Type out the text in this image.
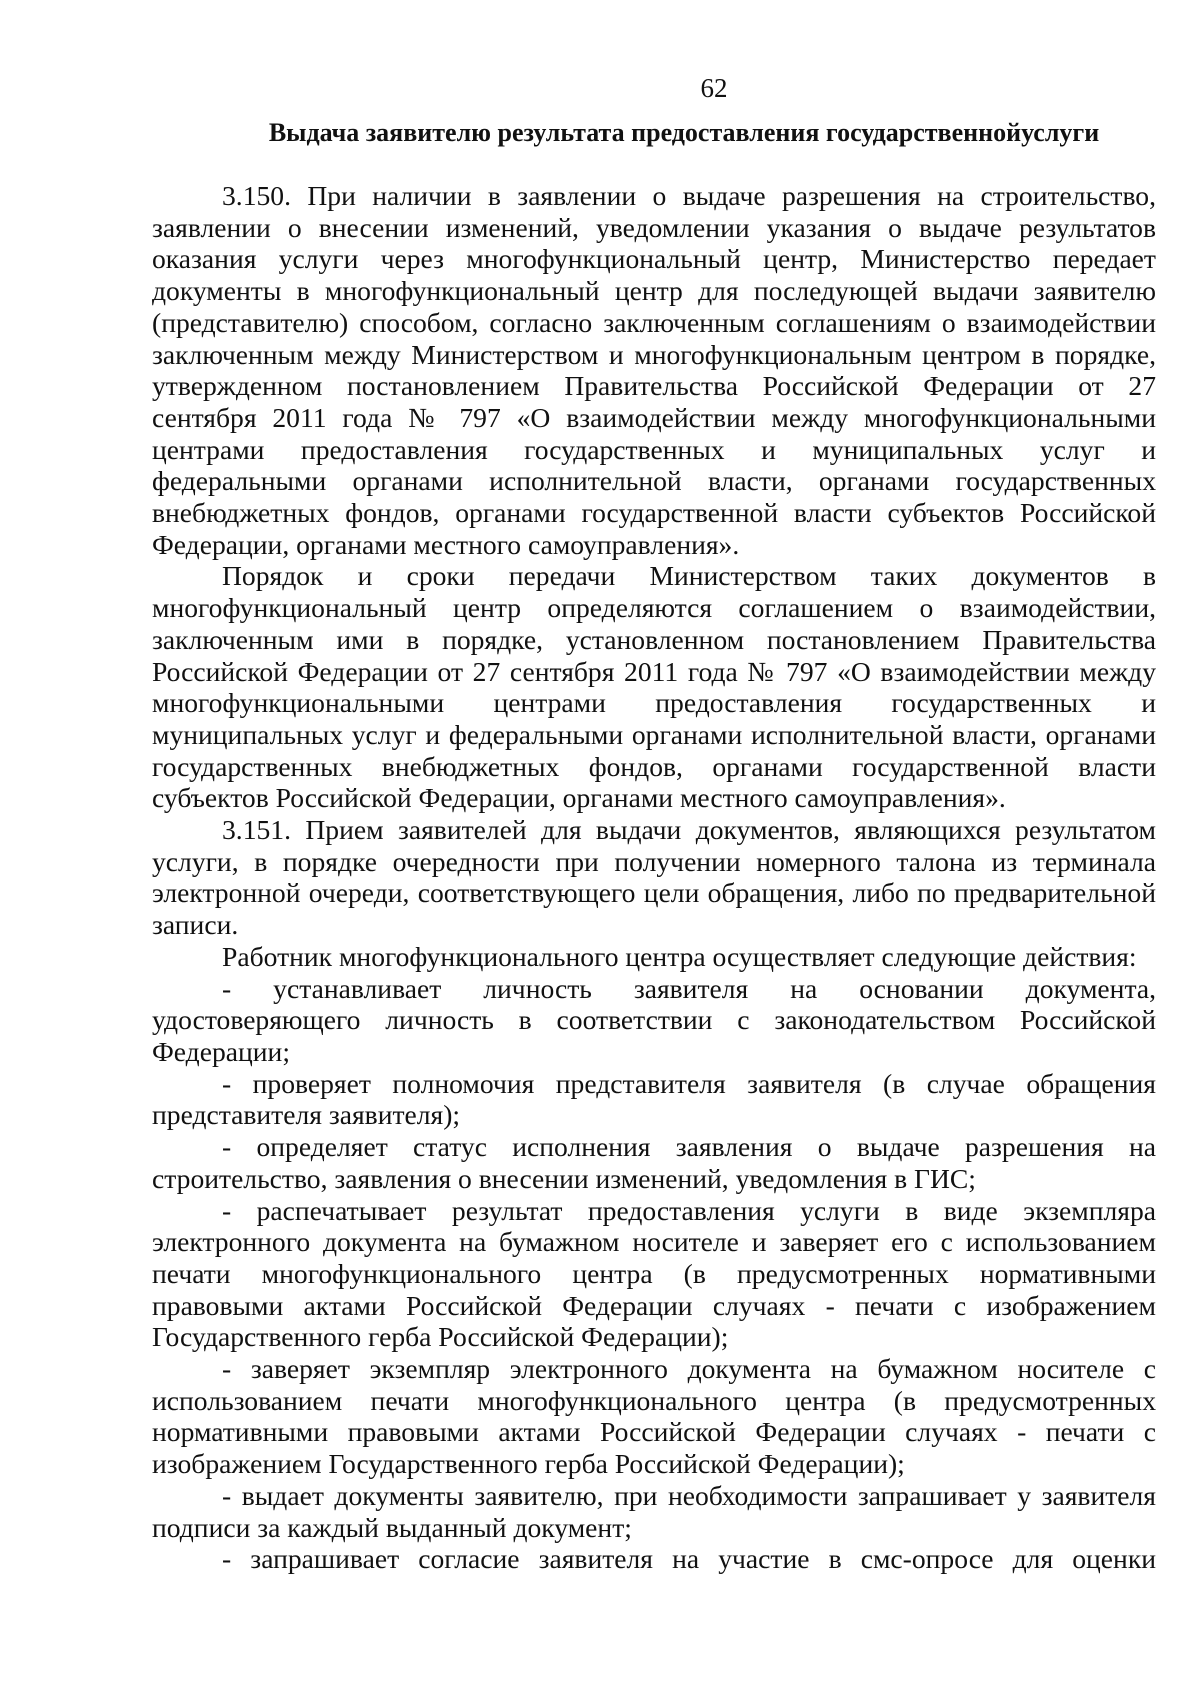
62
Выдача заявителю результата предоставления государственнойуслуги

3.150. При наличии в заявлении о выдаче разрешения на строительство, заявлении о внесении изменений, уведомлении указания о выдаче результатов оказания услуги через многофункциональный центр, Министерство передает документы в многофункциональный центр для последующей выдачи заявителю (представителю) способом, согласно заключенным соглашениям о взаимодействии заключенным между Министерством и многофункциональным центром в порядке, утвержденном постановлением Правительства Российской Федерации от 27 сентября 2011 года № 797 «О взаимодействии между многофункциональными центрами предоставления государственных и муниципальных услуг и федеральными органами исполнительной власти, органами государственных внебюджетных фондов, органами государственной власти субъектов Российской Федерации, органами местного самоуправления».

Порядок и сроки передачи Министерством таких документов в многофункциональный центр определяются соглашением о взаимодействии, заключенным ими в порядке, установленном постановлением Правительства Российской Федерации от 27 сентября 2011 года № 797 «О взаимодействии между многофункциональными центрами предоставления государственных и муниципальных услуг и федеральными органами исполнительной власти, органами государственных внебюджетных фондов, органами государственной власти субъектов Российской Федерации, органами местного самоуправления».

3.151. Прием заявителей для выдачи документов, являющихся результатом услуги, в порядке очередности при получении номерного талона из терминала электронной очереди, соответствующего цели обращения, либо по предварительной записи.

Работник многофункционального центра осуществляет следующие действия:

- устанавливает личность заявителя на основании документа, удостоверяющего личность в соответствии с законодательством Российской Федерации;

- проверяет полномочия представителя заявителя (в случае обращения представителя заявителя);

- определяет статус исполнения заявления о выдаче разрешения на строительство, заявления о внесении изменений, уведомления в ГИС;

- распечатывает результат предоставления услуги в виде экземпляра электронного документа на бумажном носителе и заверяет его с использованием печати многофункционального центра (в предусмотренных нормативными правовыми актами Российской Федерации случаях - печати с изображением Государственного герба Российской Федерации);

- заверяет экземпляр электронного документа на бумажном носителе с использованием печати многофункционального центра (в предусмотренных нормативными правовыми актами Российской Федерации случаях - печати с изображением Государственного герба Российской Федерации);

- выдает документы заявителю, при необходимости запрашивает у заявителя подписи за каждый выданный документ;

- запрашивает согласие заявителя на участие в смс-опросе для оценки
